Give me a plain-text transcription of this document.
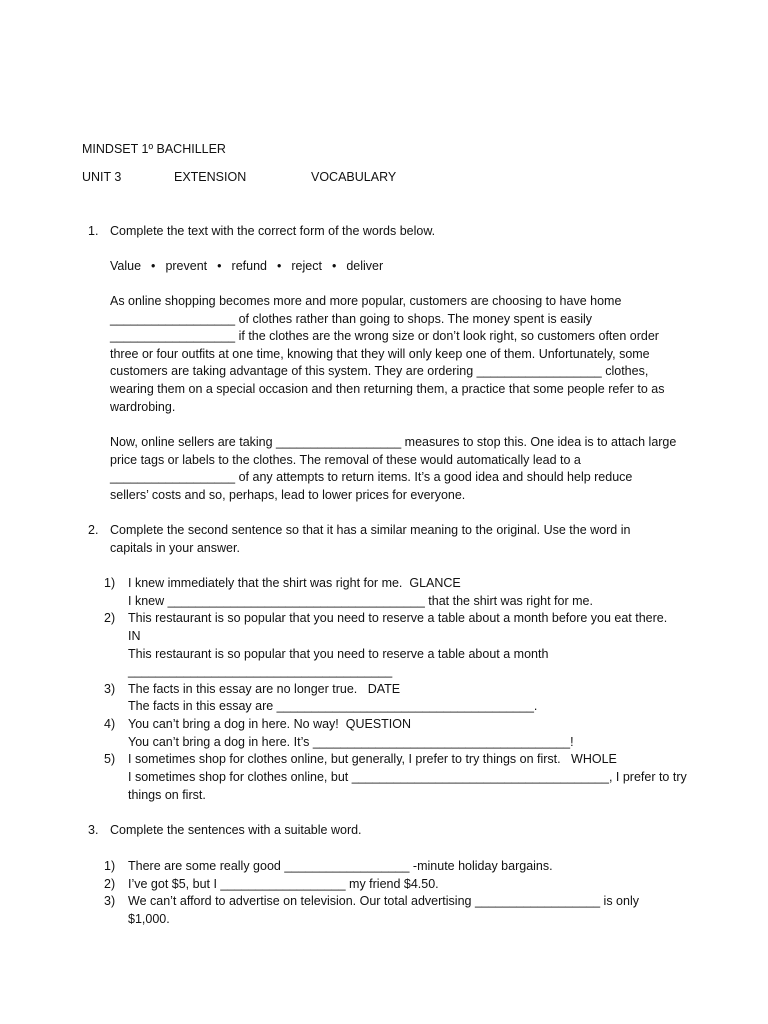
MINDSET 1º BACHILLER
UNIT 3	EXTENSION	VOCABULARY
1. Complete the text with the correct form of the words below.
Value • prevent • refund • reject • deliver
As online shopping becomes more and more popular, customers are choosing to have home
__________________ of clothes rather than going to shops. The money spent is easily
__________________ if the clothes are the wrong size or don’t look right, so customers often order
three or four outfits at one time, knowing that they will only keep one of them. Unfortunately, some
customers are taking advantage of this system. They are ordering __________________ clothes,
wearing them on a special occasion and then returning them, a practice that some people refer to as
wardrobing.
Now, online sellers are taking __________________ measures to stop this. One idea is to attach large
price tags or labels to the clothes. The removal of these would automatically lead to a
__________________ of any attempts to return items. It’s a good idea and should help reduce
sellers’ costs and so, perhaps, lead to lower prices for everyone.
2. Complete the second sentence so that it has a similar meaning to the original. Use the word in
capitals in your answer.
1) I knew immediately that the shirt was right for me.  GLANCE
I knew _____________________________________ that the shirt was right for me.
2) This restaurant is so popular that you need to reserve a table about a month before you eat there.
IN
This restaurant is so popular that you need to reserve a table about a month
______________________________________
3) The facts in this essay are no longer true.   DATE
The facts in this essay are _____________________________________.
4) You can’t bring a dog in here. No way!  QUESTION
You can’t bring a dog in here. It’s _____________________________________!
5) I sometimes shop for clothes online, but generally, I prefer to try things on first.   WHOLE
I sometimes shop for clothes online, but _____________________________________, I prefer to try
things on first.
3. Complete the sentences with a suitable word.
1) There are some really good __________________ -minute holiday bargains.
2) I’ve got $5, but I __________________ my friend $4.50.
3) We can’t afford to advertise on television. Our total advertising __________________ is only
$1,000.
